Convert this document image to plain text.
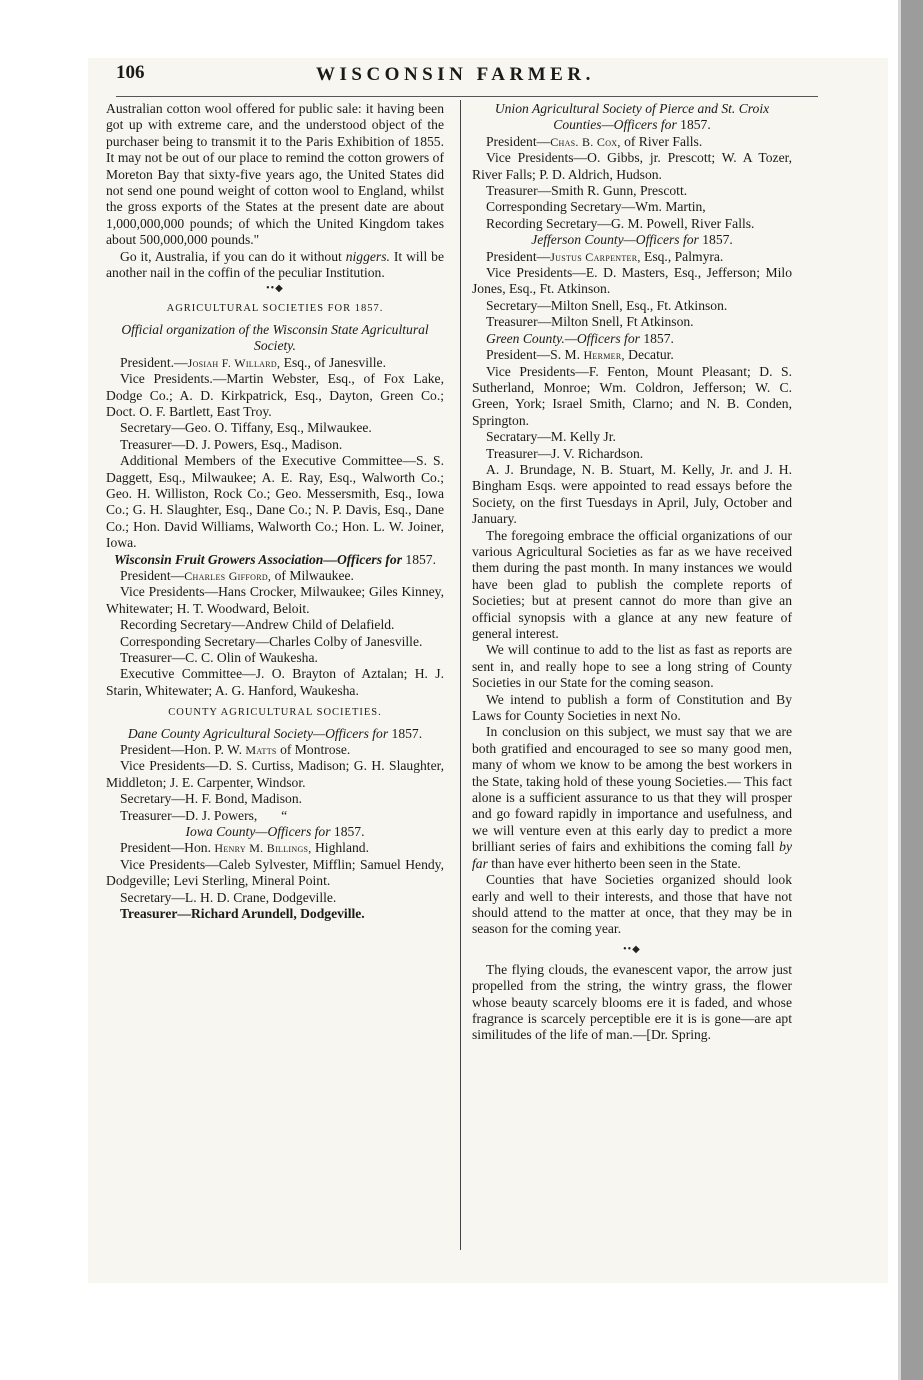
106	WISCONSIN FARMER.

Australian cotton wool offered for public sale: it having been got up with extreme care, and the understood object of the purchaser being to transmit it to the Paris Exhibition of 1855. It may not be out of our place to remind the cotton growers of Moreton Bay that sixty-five years ago, the United States did not send one pound weight of cotton wool to England, whilst the gross exports of the States at the present date are about 1,000,000,000 pounds; of which the United Kingdom takes about 500,000,000 pounds."

Go it, Australia, if you can do it without niggers. It will be another nail in the coffin of the peculiar Institution.

••◆
AGRICULTURAL SOCIETIES FOR 1857.

Official organization of the Wisconsin State Agricultural Society.

President.—Josiah F. Willard, Esq., of Janesville.

Vice Presidents.—Martin Webster, Esq., of Fox Lake, Dodge Co.; A. D. Kirkpatrick, Esq., Dayton, Green Co.; Doct. O. F. Bartlett, East Troy.

Secretary—Geo. O. Tiffany, Esq., Milwaukee.

Treasurer—D. J. Powers, Esq., Madison.

Additional Members of the Executive Committee—S. S. Daggett, Esq., Milwaukee; A. E. Ray, Esq., Walworth Co.; Geo. H. Williston, Rock Co.; Geo. Messersmith, Esq., Iowa Co.; G. H. Slaughter, Esq., Dane Co.; N. P. Davis, Esq., Dane Co.; Hon. David Williams, Walworth Co.; Hon. L. W. Joiner, Iowa.

Wisconsin Fruit Growers Association—Officers for 1857.

President—Charles Gifford, of Milwaukee.

Vice Presidents—Hans Crocker, Milwaukee; Giles Kinney, Whitewater; H. T. Woodward, Beloit.

Recording Secretary—Andrew Child of Delafield.

Corresponding Secretary—Charles Colby of Janesville.

Treasurer—C. C. Olin of Waukesha.

Executive Committee—J. O. Brayton of Aztalan; H. J. Starin, Whitewater; A. G. Hanford, Waukesha.

COUNTY AGRICULTURAL SOCIETIES.

Dane County Agricultural Society—Officers for 1857.

President—Hon. P. W. Matts of Montrose.

Vice Presidents—D. S. Curtiss, Madison; G. H. Slaughter, Middleton; J. E. Carpenter, Windsor.

Secretary—H. F. Bond, Madison.

Treasurer—D. J. Powers,       “

Iowa County—Officers for 1857.

President—Hon. Henry M. Billings, Highland.

Vice Presidents—Caleb Sylvester, Mifflin; Samuel Hendy, Dodgeville; Levi Sterling, Mineral Point.

Secretary—L. H. D. Crane, Dodgeville.

Treasurer—Richard Arundell, Dodgeville.

Union Agricultural Society of Pierce and St. Croix Counties—Officers for 1857.

President—Chas. B. Cox, of River Falls.

Vice Presidents—O. Gibbs, jr. Prescott; W. A Tozer, River Falls; P. D. Aldrich, Hudson.

Treasurer—Smith R. Gunn, Prescott.

Corresponding Secretary—Wm. Martin,

Recording Secretary—G. M. Powell, River Falls.

Jefferson County—Officers for 1857.

President—Justus Carpenter, Esq., Palmyra.

Vice Presidents—E. D. Masters, Esq., Jefferson; Milo Jones, Esq., Ft. Atkinson.

Secretary—Milton Snell, Esq., Ft. Atkinson.

Treasurer—Milton Snell, Ft Atkinson.

Green County.—Officers for 1857.

President—S. M. Hermer, Decatur.

Vice Presidents—F. Fenton, Mount Pleasant; D. S. Sutherland, Monroe; Wm. Coldron, Jefferson; W. C. Green, York; Israel Smith, Clarno; and N. B. Conden, Springton.

Secratary—M. Kelly Jr.

Treasurer—J. V. Richardson.

A. J. Brundage, N. B. Stuart, M. Kelly, Jr. and J. H. Bingham Esqs. were appointed to read essays before the Society, on the first Tuesdays in April, July, October and January.

The foregoing embrace the official organizations of our various Agricultural Societies as far as we have received them during the past month. In many instances we would have been glad to publish the complete reports of Societies; but at present cannot do more than give an official synopsis with a glance at any new feature of general interest.

We will continue to add to the list as fast as reports are sent in, and really hope to see a long string of County Societies in our State for the coming season.

We intend to publish a form of Constitution and By Laws for County Societies in next No.

In conclusion on this subject, we must say that we are both gratified and encouraged to see so many good men, many of whom we know to be among the best workers in the State, taking hold of these young Societies.— This fact alone is a sufficient assurance to us that they will prosper and go foward rapidly in importance and usefulness, and we will venture even at this early day to predict a more brilliant series of fairs and exhibitions the coming fall by far than have ever hitherto been seen in the State.

Counties that have Societies organized should look early and well to their interests, and those that have not should attend to the matter at once, that they may be in season for the coming year.

••◆

The flying clouds, the evanescent vapor, the arrow just propelled from the string, the wintry grass, the flower whose beauty scarcely blooms ere it is faded, and whose fragrance is scarcely perceptible ere it is is gone—are apt similitudes of the life of man.—[Dr. Spring.
